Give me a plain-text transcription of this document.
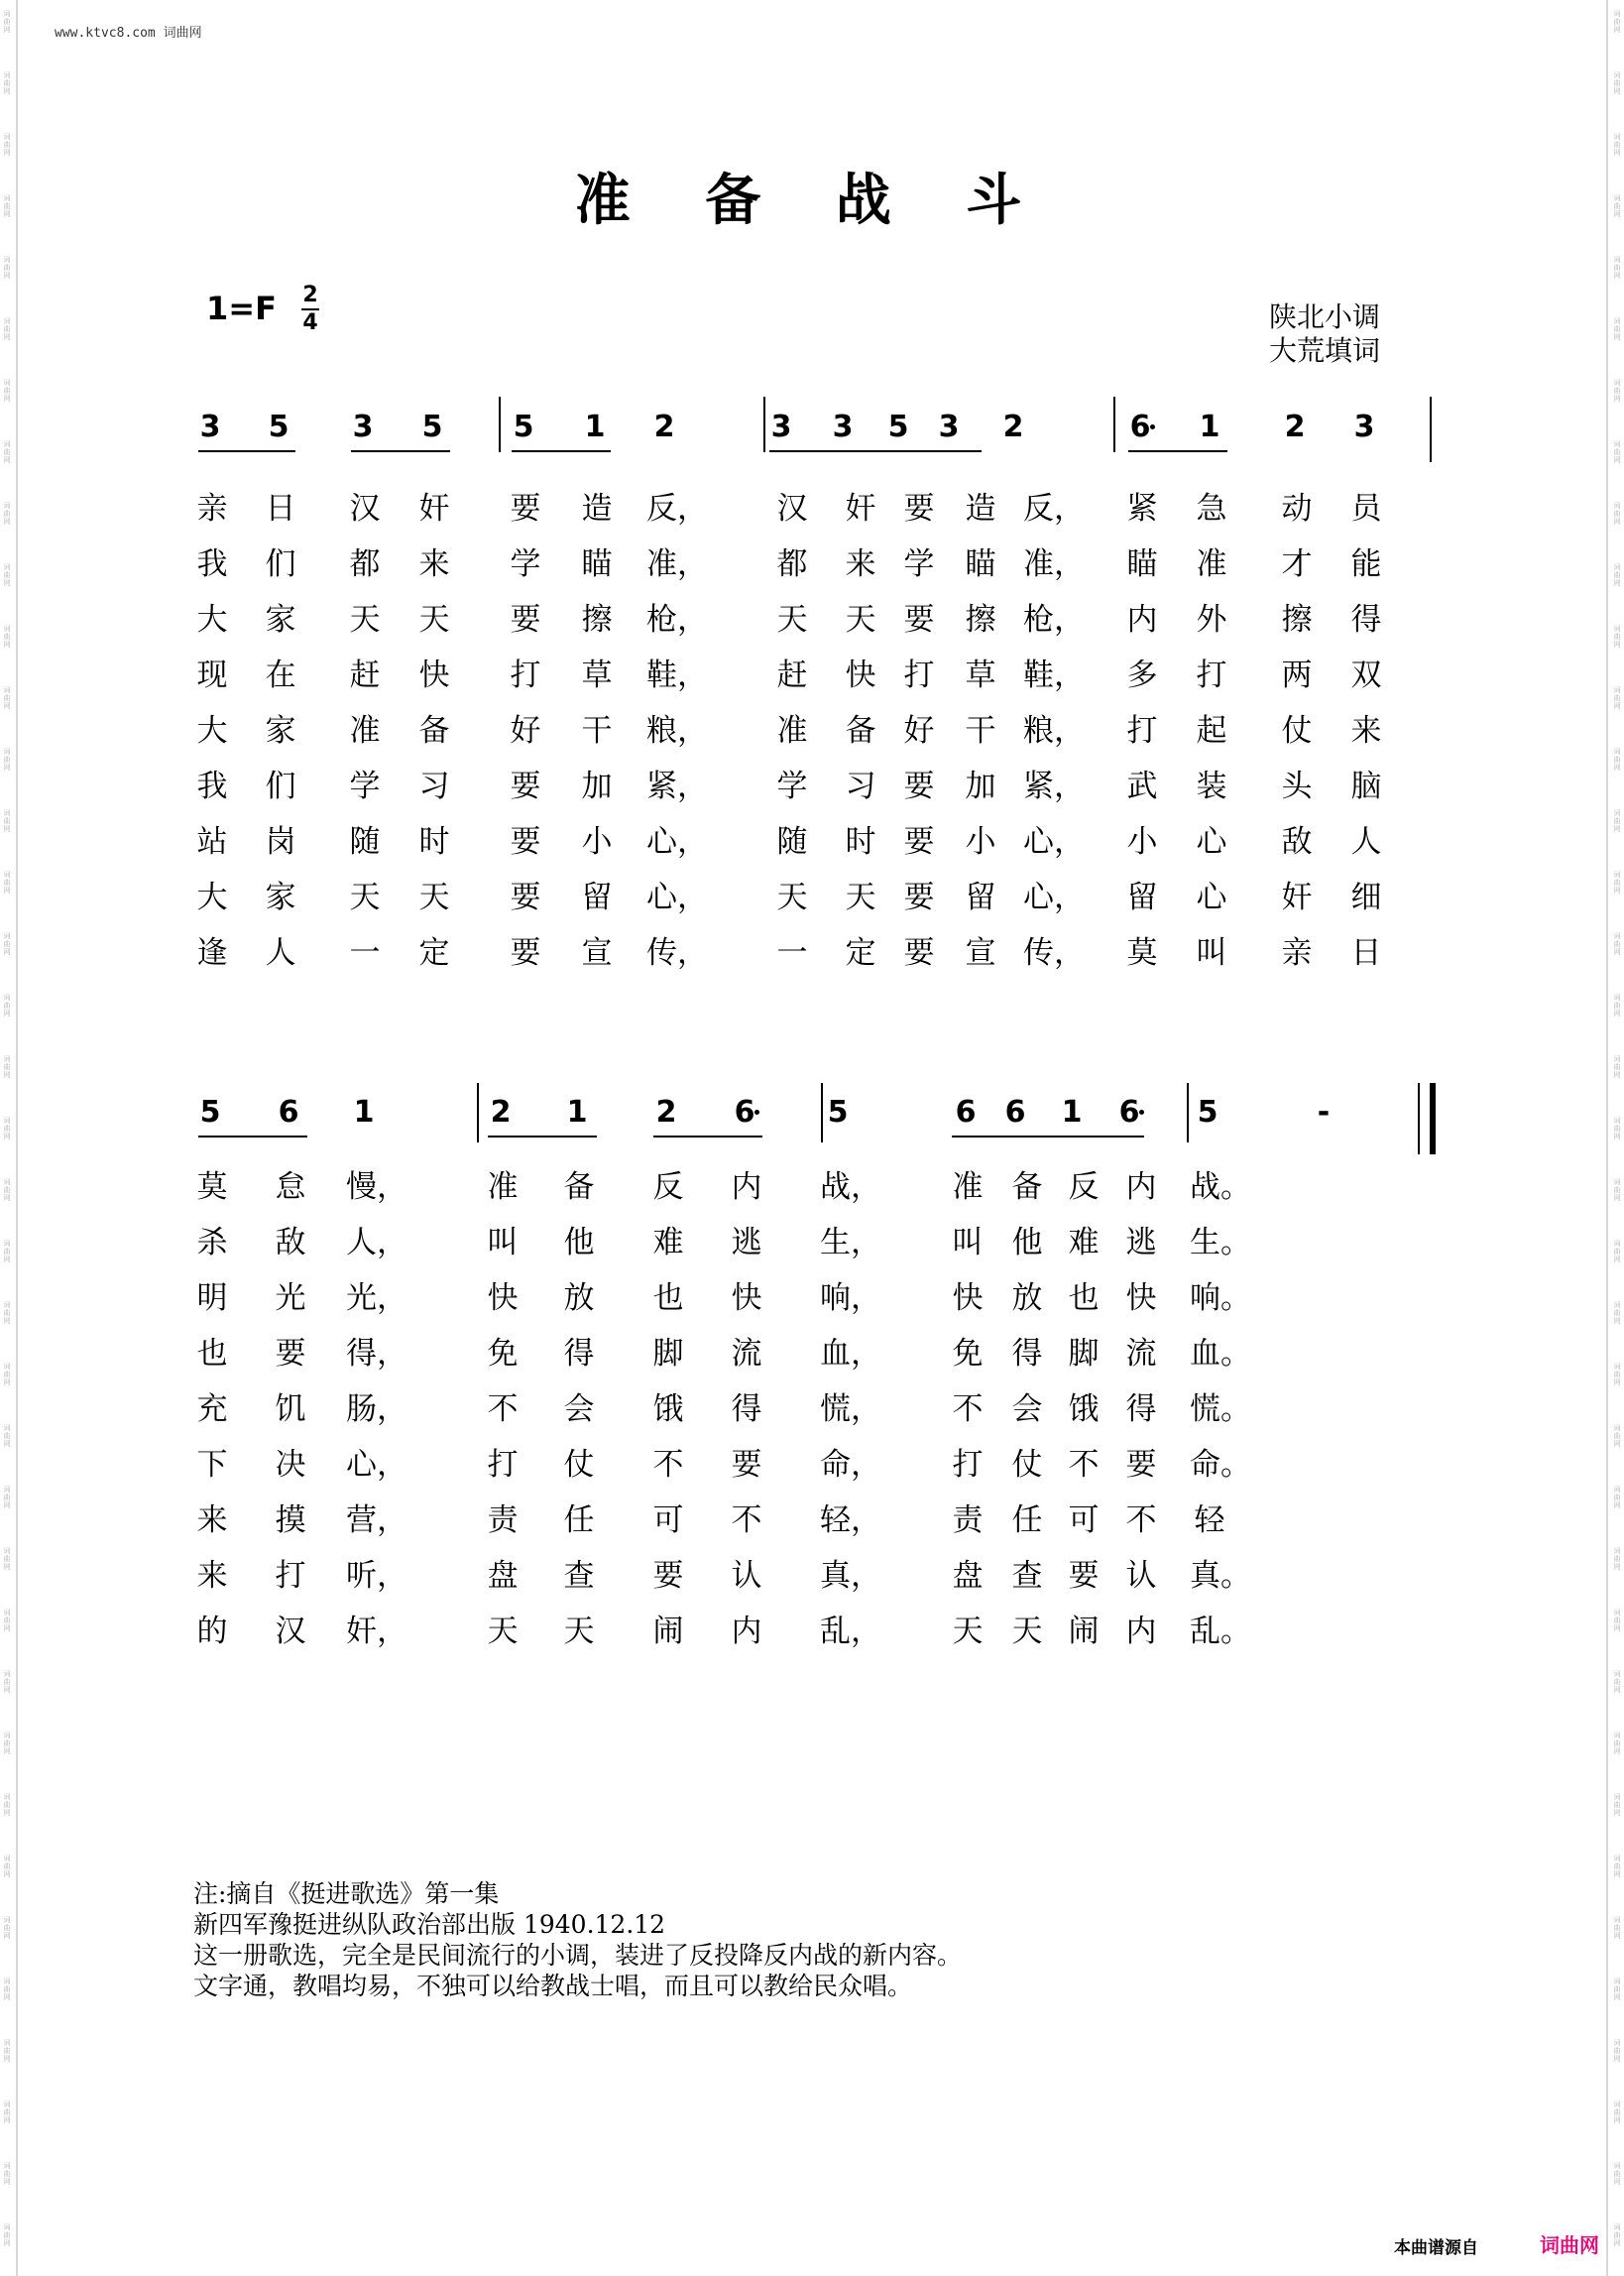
词曲网
词曲网
词曲网
词曲网
词曲网
词曲网
词曲网
词曲网
词曲网
词曲网
词曲网
词曲网
词曲网
词曲网
词曲网
词曲网
词曲网
词曲网
词曲网
词曲网
词曲网
词曲网
词曲网
词曲网
词曲网
词曲网
词曲网
词曲网
词曲网
词曲网
词曲网
词曲网
词曲网
词曲网
词曲网
词曲网
词曲网
词曲网
词曲网
词曲网
词曲网
词曲网
词曲网
词曲网
词曲网
词曲网
词曲网
词曲网
词曲网
词曲网
词曲网
词曲网
词曲网
词曲网
词曲网
词曲网
词曲网
词曲网
词曲网
词曲网
词曲网
词曲网
词曲网
词曲网
词曲网
词曲网
词曲网
词曲网
词曲网
词曲网
词曲网
词曲网
词曲网
词曲网
www.ktvc8.com 词曲网
准 备 战 斗
1=F 2
4	陕北小调
大荒填词
3 5 3 5 5 1 2	3 3 5 3 2	6 1 2 3
亲 日 汉 奸 要 造 反， 汉 奸 要 造 反， 紧 急 动 员
我 们 都 来 学 瞄 准， 都 来 学 瞄 准， 瞄 准 才 能
大 家 天 天 要 擦 枪， 天 天 要 擦 枪， 内 外 擦 得
现 在 赶 快 打 草 鞋， 赶 快 打 草 鞋， 多 打 两 双
大 家 准 备 好 干 粮， 准 备 好 干 粮， 打 起 仗 来
我 们 学 习 要 加 紧， 学 习 要 加 紧， 武 装 头 脑
站 岗 随 时 要 小 心， 随 时 要 小 心， 小 心 敌 人
大 家 天 天 要 留 心， 天 天 要 留 心， 留 心 奸 细
逢 人 一 定 要 宣 传， 一 定 要 宣 传， 莫 叫 亲 日
5 6 1	2 1 2 6 5	6 6 1 6 5	-
莫 怠 慢，	准 备 反 内 战， 准 备 反 内 战。
杀 敌 人，	叫 他 难 逃 生， 叫 他 难 逃 生。
明 光 光，	快 放 也 快 响， 快 放 也 快 响。
也 要 得，	免 得 脚 流 血， 免 得 脚 流 血。
充 饥 肠，	不 会 饿 得 慌， 不 会 饿 得 慌。
下 决 心，	打 仗 不 要 命， 打 仗 不 要 命。
来 摸 营，	责 任 可 不 轻， 责 任 可 不 轻
来 打 听，	盘 查 要 认 真， 盘 查 要 认 真。
的 汉 奸，	天 天 闹 内 乱， 天 天 闹 内 乱。
注:摘自《挺进歌选》第一集
新四军豫挺进纵队政治部出版 1940.12.12
这一册歌选，完全是民间流行的小调，装进了反投降反内战的新内容。
文字通，教唱均易，不独可以给教战士唱，而且可以教给民众唱。
本曲谱源自	词曲网
